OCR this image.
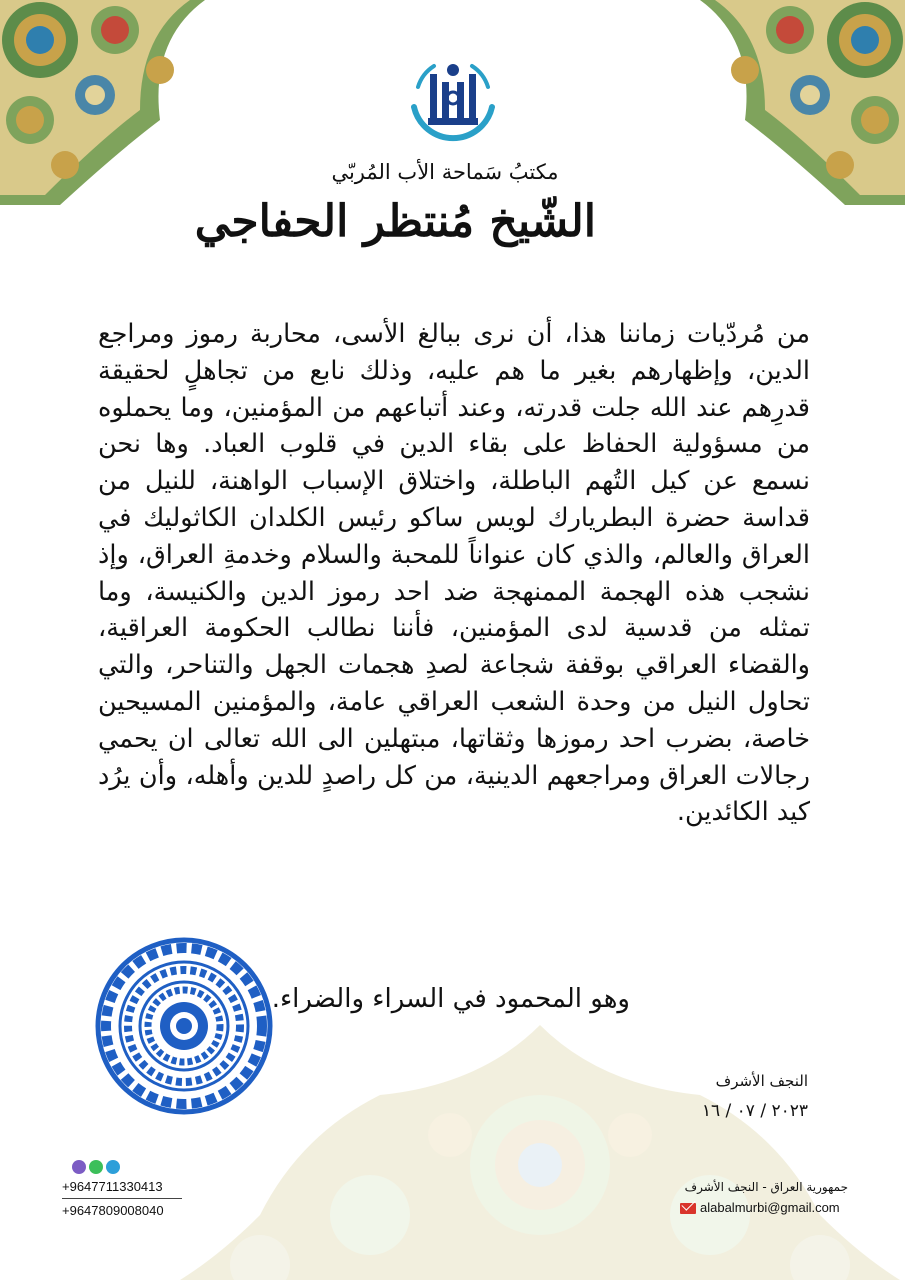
مكتبُ سَماحة الأب المُربّي
الشّيخ مُنتظر الحفاجي
من مُردّيات زماننا هذا، أن نرى ببالغ الأسى، محاربة رموز ومراجع الدين، وإظهارهم بغير ما هم عليه، وذلك نابع من تجاهلٍ لحقيقة قدرِهم عند الله جلت قدرته، وعند أتباعهم من المؤمنين، وما يحملوه من مسؤولية الحفاظ على بقاء الدين في قلوب العباد. وها نحن نسمع عن كيل التُهم الباطلة، واختلاق الإسباب الواهنة، للنيل من قداسة حضرة البطريارك لويس ساكو رئيس الكلدان الكاثوليك في العراق والعالم، والذي كان عنواناً للمحبة والسلام وخدمةِ العراق، وإذ نشجب هذه الهجمة الممنهجة ضد احد رموز الدين والكنيسة، وما تمثله من قدسية لدى المؤمنين، فأننا نطالب الحكومة العراقية، والقضاء العراقي بوقفة شجاعة لصدِ هجمات الجهل والتناحر، والتي تحاول النيل من وحدة الشعب العراقي عامة، والمؤمنين المسيحين خاصة، بضرب احد رموزها وثقاتها، مبتهلين الى الله تعالى ان يحمي رجالات العراق ومراجعهم الدينية، من كل راصدٍ للدين وأهله، وأن يرُد كيد الكائدين.
وهو المحمود في السراء والضراء.
النجف الأشرف
٢٠٢٣ / ٠٧ / ١٦
+9647711330413
+9647809008040
جمهورية العراق - النجف الأشرف
alabalmurbi@gmail.com
